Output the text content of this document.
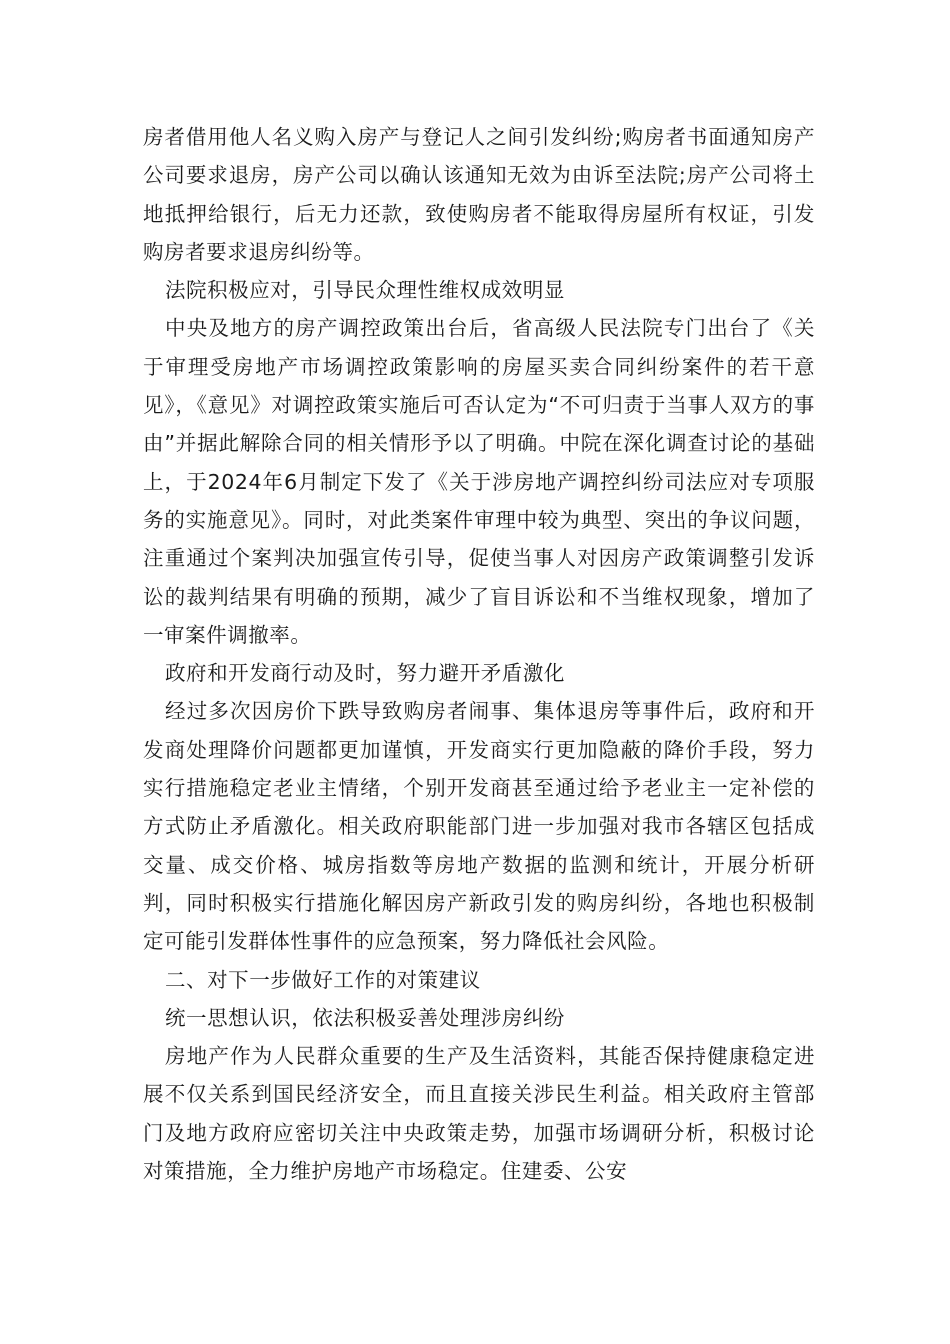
房者借用他人名义购入房产与登记人之间引发纠纷;购房者书面通知房产公司要求退房，房产公司以确认该通知无效为由诉至法院;房产公司将土地抵押给银行，后无力还款，致使购房者不能取得房屋所有权证，引发购房者要求退房纠纷等。

法院积极应对，引导民众理性维权成效明显

中央及地方的房产调控政策出台后，省高级人民法院专门出台了《关于审理受房地产市场调控政策影响的房屋买卖合同纠纷案件的若干意见》，《意见》对调控政策实施后可否认定为“不可归责于当事人双方的事由”并据此解除合同的相关情形予以了明确。中院在深化调查讨论的基础上，于2024年6月制定下发了《关于涉房地产调控纠纷司法应对专项服务的实施意见》。同时，对此类案件审理中较为典型、突出的争议问题，注重通过个案判决加强宣传引导，促使当事人对因房产政策调整引发诉讼的裁判结果有明确的预期，减少了盲目诉讼和不当维权现象，增加了一审案件调撤率。

政府和开发商行动及时，努力避开矛盾激化

经过多次因房价下跌导致购房者闹事、集体退房等事件后，政府和开发商处理降价问题都更加谨慎，开发商实行更加隐蔽的降价手段，努力实行措施稳定老业主情绪，个别开发商甚至通过给予老业主一定补偿的方式防止矛盾激化。相关政府职能部门进一步加强对我市各辖区包括成交量、成交价格、城房指数等房地产数据的监测和统计，开展分析研判，同时积极实行措施化解因房产新政引发的购房纠纷，各地也积极制定可能引发群体性事件的应急预案，努力降低社会风险。

二、对下一步做好工作的对策建议

统一思想认识，依法积极妥善处理涉房纠纷

房地产作为人民群众重要的生产及生活资料，其能否保持健康稳定进展不仅关系到国民经济安全，而且直接关涉民生利益。相关政府主管部门及地方政府应密切关注中央政策走势，加强市场调研分析，积极讨论对策措施，全力维护房地产市场稳定。住建委、公安
